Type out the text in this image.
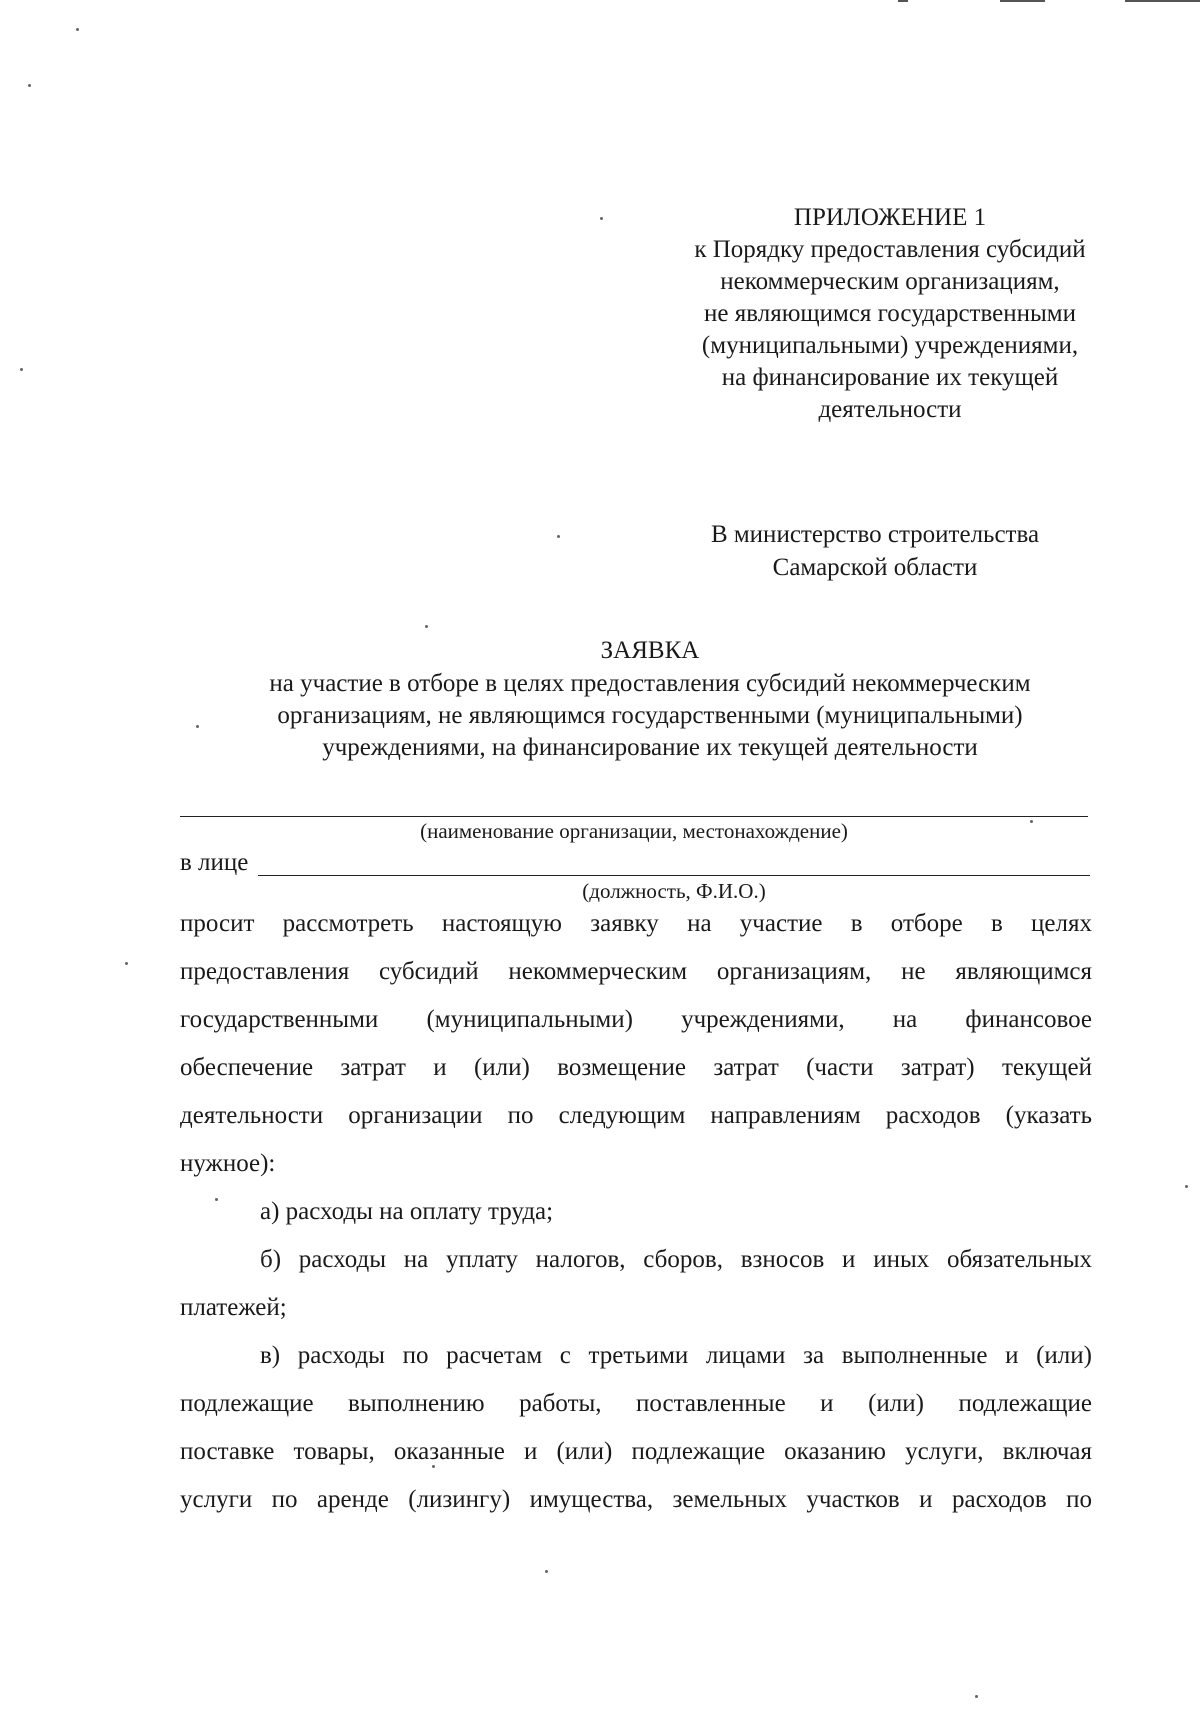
ПРИЛОЖЕНИЕ 1
к Порядку предоставления субсидий
некоммерческим организациям,
не являющимся государственными
(муниципальными) учреждениями,
на финансирование их текущей
деятельности
В министерство строительства
Самарской области
ЗАЯВКА
на участие в отборе в целях предоставления субсидий некоммерческим
организациям, не являющимся государственными (муниципальными)
учреждениями, на финансирование их текущей деятельности
(наименование организации, местонахождение)
в лице
(должность, Ф.И.О.)
просит рассмотреть настоящую заявку на участие в отборе в целях
предоставления субсидий некоммерческим организациям, не являющимся
государственными (муниципальными) учреждениями, на финансовое
обеспечение затрат и (или) возмещение затрат (части затрат) текущей
деятельности организации по следующим направлениям расходов (указать
нужное):
а) расходы на оплату труда;
б) расходы на уплату налогов, сборов, взносов и иных обязательных
платежей;
в) расходы по расчетам с третьими лицами за выполненные и (или)
подлежащие выполнению работы, поставленные и (или) подлежащие
поставке товары, оказанные и (или) подлежащие оказанию услуги, включая
услуги по аренде (лизингу) имущества, земельных участков и расходов по
